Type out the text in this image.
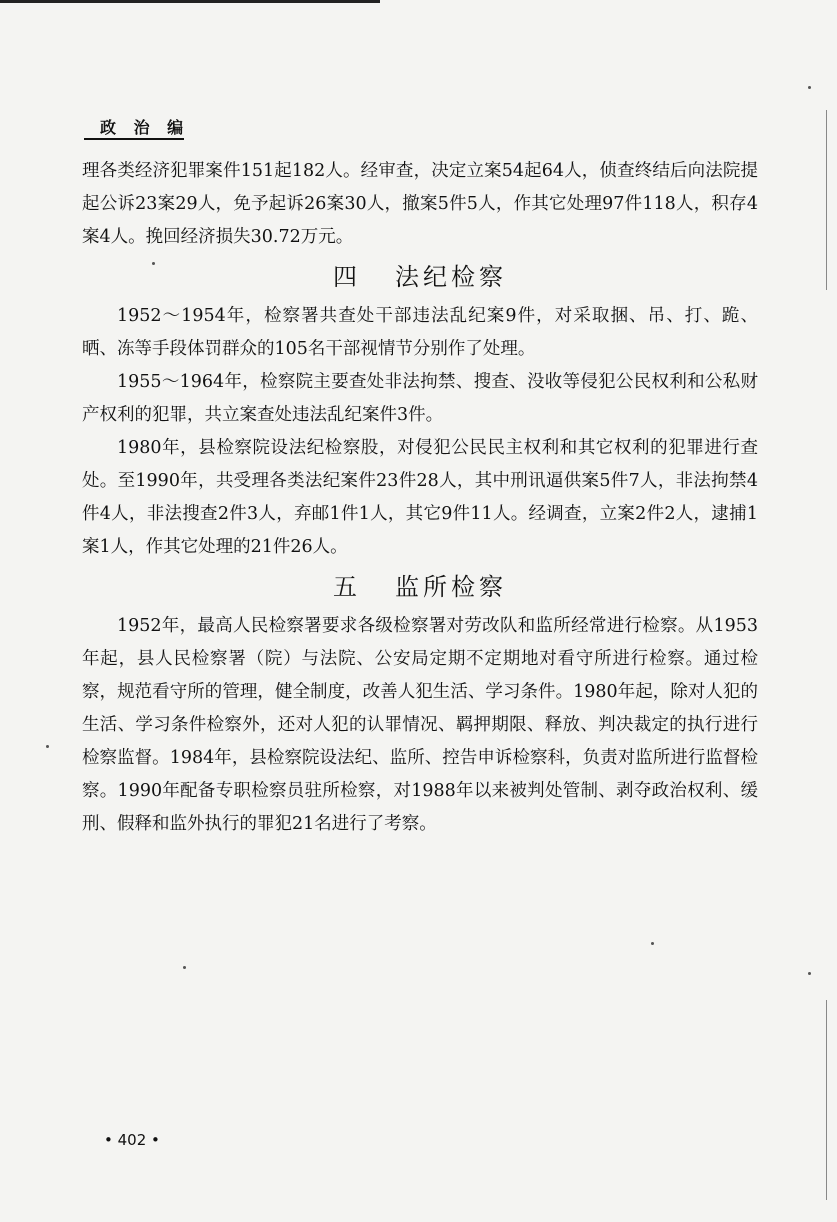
政 治 编

理各类经济犯罪案件151起182人。经审查，决定立案54起64人，侦查终结后向法院提起公诉23案29人，免予起诉26案30人，撤案5件5人，作其它处理97件118人，积存4案4人。挽回经济损失30.72万元。

四 法纪检察

1952～1954年，检察署共查处干部违法乱纪案9件，对采取捆、吊、打、跪、晒、冻等手段体罚群众的105名干部视情节分别作了处理。

1955～1964年，检察院主要查处非法拘禁、搜查、没收等侵犯公民权利和公私财产权利的犯罪，共立案查处违法乱纪案件3件。

1980年，县检察院设法纪检察股，对侵犯公民民主权利和其它权利的犯罪进行查处。至1990年，共受理各类法纪案件23件28人，其中刑讯逼供案5件7人，非法拘禁4件4人，非法搜查2件3人，弃邮1件1人，其它9件11人。经调查，立案2件2人，逮捕1案1人，作其它处理的21件26人。

五 监所检察

1952年，最高人民检察署要求各级检察署对劳改队和监所经常进行检察。从1953年起，县人民检察署（院）与法院、公安局定期不定期地对看守所进行检察。通过检察，规范看守所的管理，健全制度，改善人犯生活、学习条件。1980年起，除对人犯的生活、学习条件检察外，还对人犯的认罪情况、羁押期限、释放、判决裁定的执行进行检察监督。1984年，县检察院设法纪、监所、控告申诉检察科，负责对监所进行监督检察。1990年配备专职检察员驻所检察，对1988年以来被判处管制、剥夺政治权利、缓刑、假释和监外执行的罪犯21名进行了考察。

• 402 •
